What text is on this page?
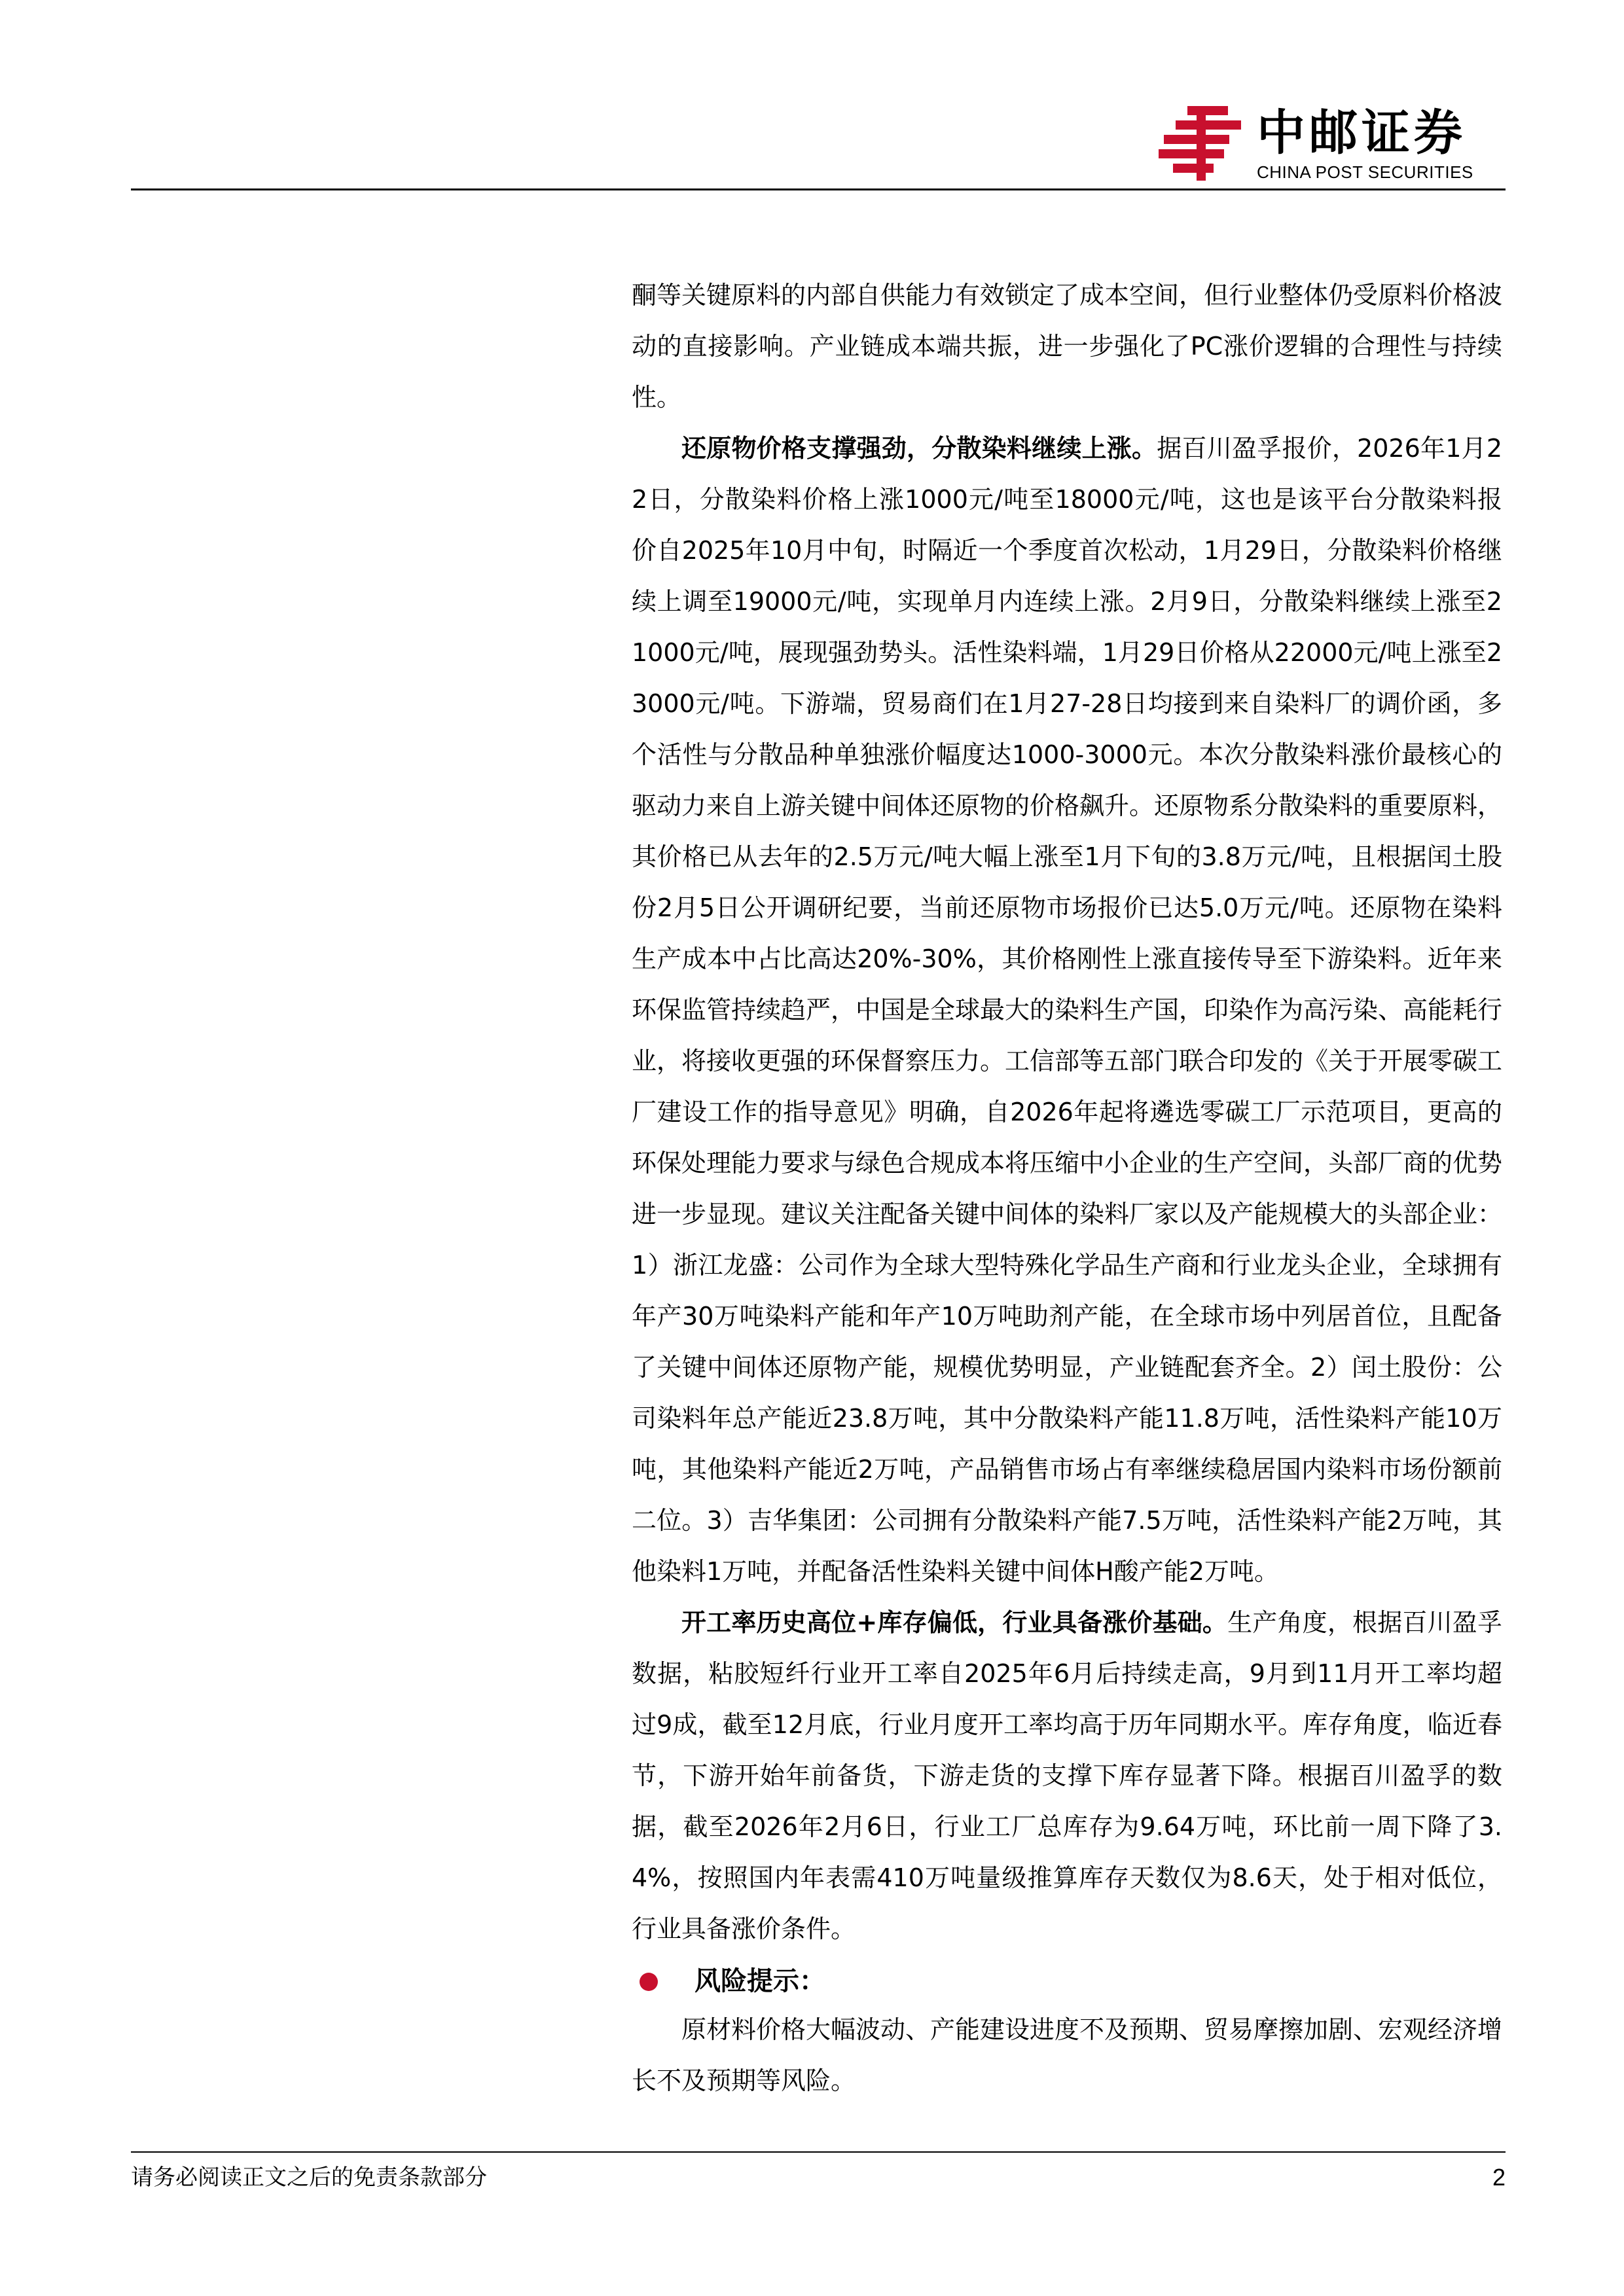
中邮证券
CHINA POST SECURITIES

酮等关键原料的内部自供能力有效锁定了成本空间，但行业整体仍受原料价格波动的直接影响。产业链成本端共振，进一步强化了PC涨价逻辑的合理性与持续性。

还原物价格支撑强劲，分散染料继续上涨。据百川盈孚报价，2026年1月22日，分散染料价格上涨1000元/吨至18000元/吨，这也是该平台分散染料报价自2025年10月中旬，时隔近一个季度首次松动，1月29日，分散染料价格继续上调至19000元/吨，实现单月内连续上涨。2月9日，分散染料继续上涨至21000元/吨，展现强劲势头。活性染料端，1月29日价格从22000元/吨上涨至23000元/吨。下游端，贸易商们在1月27-28日均接到来自染料厂的调价函，多个活性与分散品种单独涨价幅度达1000-3000元。本次分散染料涨价最核心的驱动力来自上游关键中间体还原物的价格飙升。还原物系分散染料的重要原料，其价格已从去年的2.5万元/吨大幅上涨至1月下旬的3.8万元/吨，且根据闰土股份2月5日公开调研纪要，当前还原物市场报价已达5.0万元/吨。还原物在染料生产成本中占比高达20%-30%，其价格刚性上涨直接传导至下游染料。近年来环保监管持续趋严，中国是全球最大的染料生产国，印染作为高污染、高能耗行业，将接收更强的环保督察压力。工信部等五部门联合印发的《关于开展零碳工厂建设工作的指导意见》明确，自2026年起将遴选零碳工厂示范项目，更高的环保处理能力要求与绿色合规成本将压缩中小企业的生产空间，头部厂商的优势进一步显现。建议关注配备关键中间体的染料厂家以及产能规模大的头部企业：1）浙江龙盛：公司作为全球大型特殊化学品生产商和行业龙头企业，全球拥有年产30万吨染料产能和年产10万吨助剂产能，在全球市场中列居首位，且配备了关键中间体还原物产能，规模优势明显，产业链配套齐全。2）闰土股份：公司染料年总产能近23.8万吨，其中分散染料产能11.8万吨，活性染料产能10万吨，其他染料产能近2万吨，产品销售市场占有率继续稳居国内染料市场份额前二位。3）吉华集团：公司拥有分散染料产能7.5万吨，活性染料产能2万吨，其他染料1万吨，并配备活性染料关键中间体H酸产能2万吨。

开工率历史高位+库存偏低，行业具备涨价基础。生产角度，根据百川盈孚数据，粘胶短纤行业开工率自2025年6月后持续走高，9月到11月开工率均超过9成，截至12月底，行业月度开工率均高于历年同期水平。库存角度，临近春节，下游开始年前备货，下游走货的支撑下库存显著下降。根据百川盈孚的数据，截至2026年2月6日，行业工厂总库存为9.64万吨，环比前一周下降了3.4%，按照国内年表需410万吨量级推算库存天数仅为8.6天，处于相对低位，行业具备涨价条件。

风险提示：

原材料价格大幅波动、产能建设进度不及预期、贸易摩擦加剧、宏观经济增长不及预期等风险。

请务必阅读正文之后的免责条款部分	2
